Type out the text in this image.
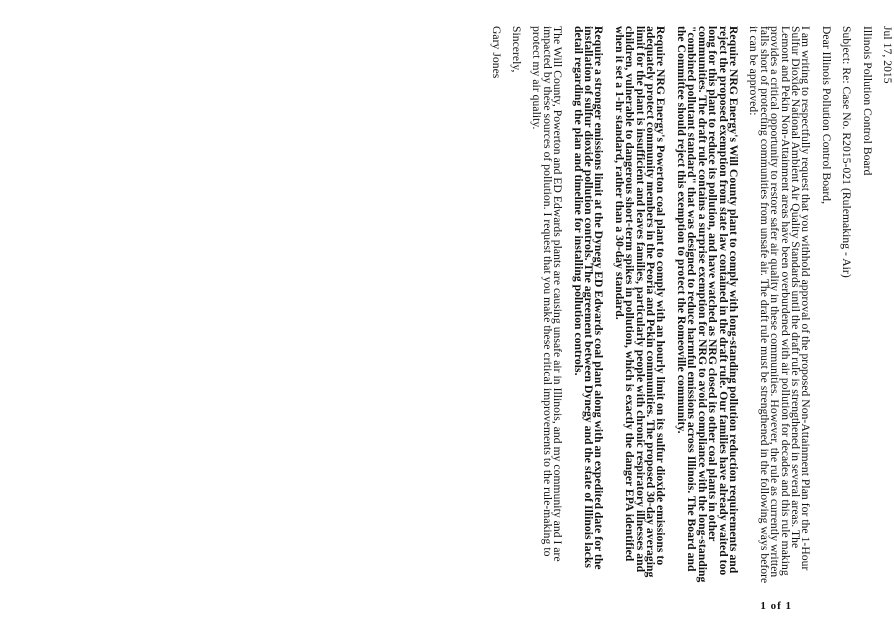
Jul 17, 2015

Illinois Pollution Control Board

Subject: Re: Case No. R2015-021 (Rulemaking - Air)

Dear Illinois Pollution Control Board,

I am writing to respectfully request that you withhold approval of the proposed Non-Attainment Plan for the 1-Hour Sulfur Dioxide National Ambient Air Quality Standards until the draft rule is strengthened in several areas. The Lemont and Pekin Non-Attainment areas have been overburdened with air pollution for decades and this rule making provides a critical opportunity to restore safer air quality in these communities. However, the rule as currently written falls short of protecting communities from unsafe air. The draft rule must be strengthened in the following ways before it can be approved:

Require NRG Energy's Will County plant to comply with long-standing pollution reduction requirements and reject the proposed exemption from state law contained in the draft rule. Our families have already waited too long for this plant to reduce its pollution, and have watched as NRG closed its other coal plants in other communities. The draft rule contains a surprise exemption for NRG to avoid compliance with the long-standing "combined pollutant standard" that was designed to reduce harmful emissions across Illinois. The Board and the Committee should reject this exemption to protect the Romeoville community.

Require NRG Energy's Powerton coal plant to comply with an hourly limit on its sulfur dioxide emissions to adequately protect community members in the Peoria and Pekin communities. The proposed 30-day averaging limit for the plant is insufficient and leaves families, particularly people with chronic respiratory illnesses and children, vulnerable to dangerous short-term spikes in pollution, which is exactly the danger EPA identified when it set a 1-hr standard, rather than a 30-day standard.

Require a stronger emissions limit at the Dynegy ED Edwards coal plant along with an expedited date for the installation of sulfur dioxide pollution controls. The agreement between Dynegy and the state of Illinois lacks detail regarding the plan and timeline for installing pollution controls.

The Will County, Powerton and ED Edwards plants are causing unsafe air in Illinois, and my community and I are impacted by these sources of pollution. I request that you make these critical improvements to the rule-making to protect my air quality.

Sincerely,

Gary Jones

1 of 1
